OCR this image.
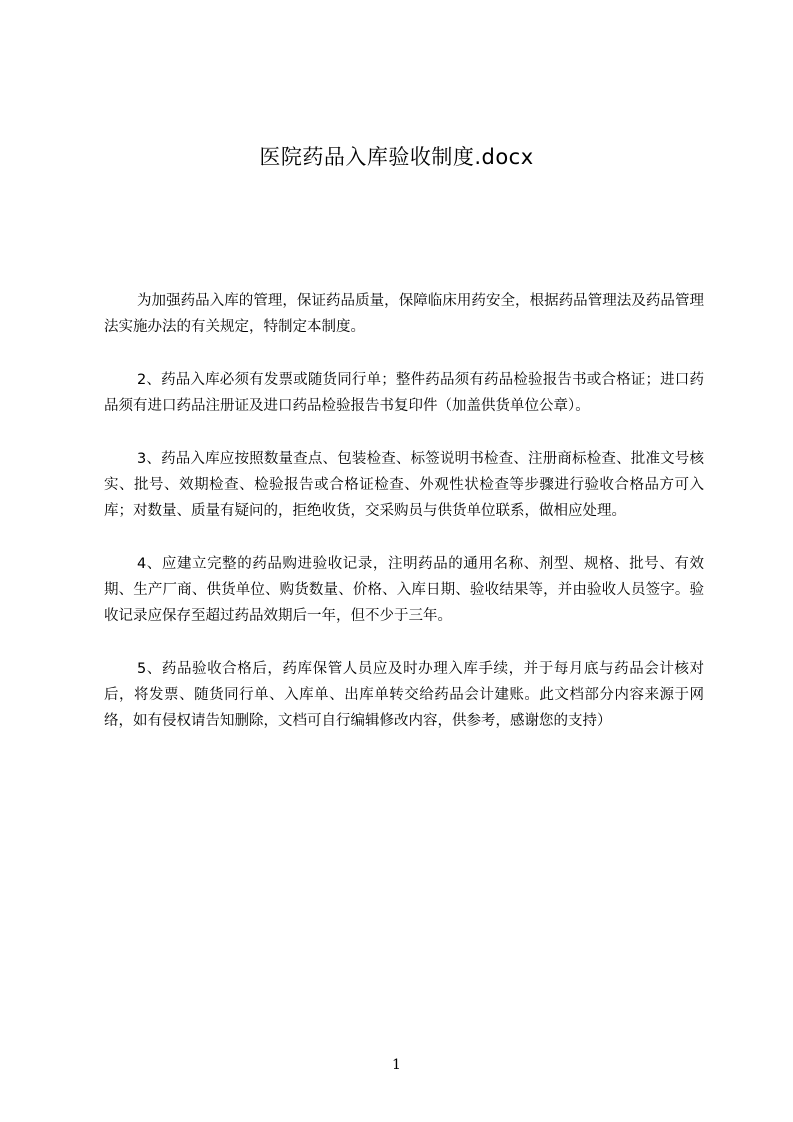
医院药品入库验收制度.docx

为加强药品入库的管理，保证药品质量，保障临床用药安全，根据药品管理法及药品管理法实施办法的有关规定，特制定本制度。

2、药品入库必须有发票或随货同行单；整件药品须有药品检验报告书或合格证；进口药品须有进口药品注册证及进口药品检验报告书复印件（加盖供货单位公章）。

3、药品入库应按照数量查点、包装检查、标签说明书检查、注册商标检查、批准文号核实、批号、效期检查、检验报告或合格证检查、外观性状检查等步骤进行验收合格品方可入库；对数量、质量有疑问的，拒绝收货，交采购员与供货单位联系，做相应处理。

4、应建立完整的药品购进验收记录，注明药品的通用名称、剂型、规格、批号、有效期、生产厂商、供货单位、购货数量、价格、入库日期、验收结果等，并由验收人员签字。验收记录应保存至超过药品效期后一年，但不少于三年。

5、药品验收合格后，药库保管人员应及时办理入库手续，并于每月底与药品会计核对后，将发票、随货同行单、入库单、出库单转交给药品会计建账。此文档部分内容来源于网络，如有侵权请告知删除，文档可自行编辑修改内容，供参考，感谢您的支持）

1
